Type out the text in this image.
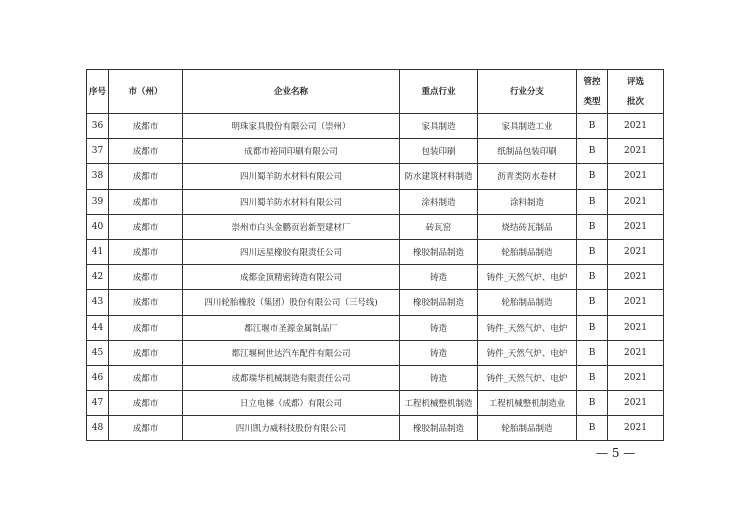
序号	市（州）	企业名称	重点行业	行业分支	管控类型	评选批次
36	成都市	明珠家具股份有限公司（崇州）	家具制造	家具制造工业	B	2021
37	成都市	成都市裕同印刷有限公司	包装印刷	纸制品包装印刷	B	2021
38	成都市	四川蜀羊防水材料有限公司	防水建筑材料制造	沥青类防水卷材	B	2021
39	成都市	四川蜀羊防水材料有限公司	涂料制造	涂料制造	B	2021
40	成都市	崇州市白头金鹏页岩新型建材厂	砖瓦窑	烧结砖瓦制品	B	2021
41	成都市	四川远星橡胶有限责任公司	橡胶制品制造	轮胎制品制造	B	2021
42	成都市	成都金顶精密铸造有限公司	铸造	铸件_天然气炉、电炉	B	2021
43	成都市	四川轮胎橡胶（集团）股份有限公司（三号线)	橡胶制品制造	轮胎制品制造	B	2021
44	成都市	都江堰市圣源金属制品厂	铸造	铸件_天然气炉、电炉	B	2021
45	成都市	都江堰柯世达汽车配件有限公司	铸造	铸件_天然气炉、电炉	B	2021
46	成都市	成都瑞华机械制造有限责任公司	铸造	铸件_天然气炉、电炉	B	2021
47	成都市	日立电梯（成都）有限公司	工程机械整机制造	工程机械整机制造业	B	2021
48	成都市	四川凯力威科技股份有限公司	橡胶制品制造	轮胎制品制造	B	2021
— 5 —
